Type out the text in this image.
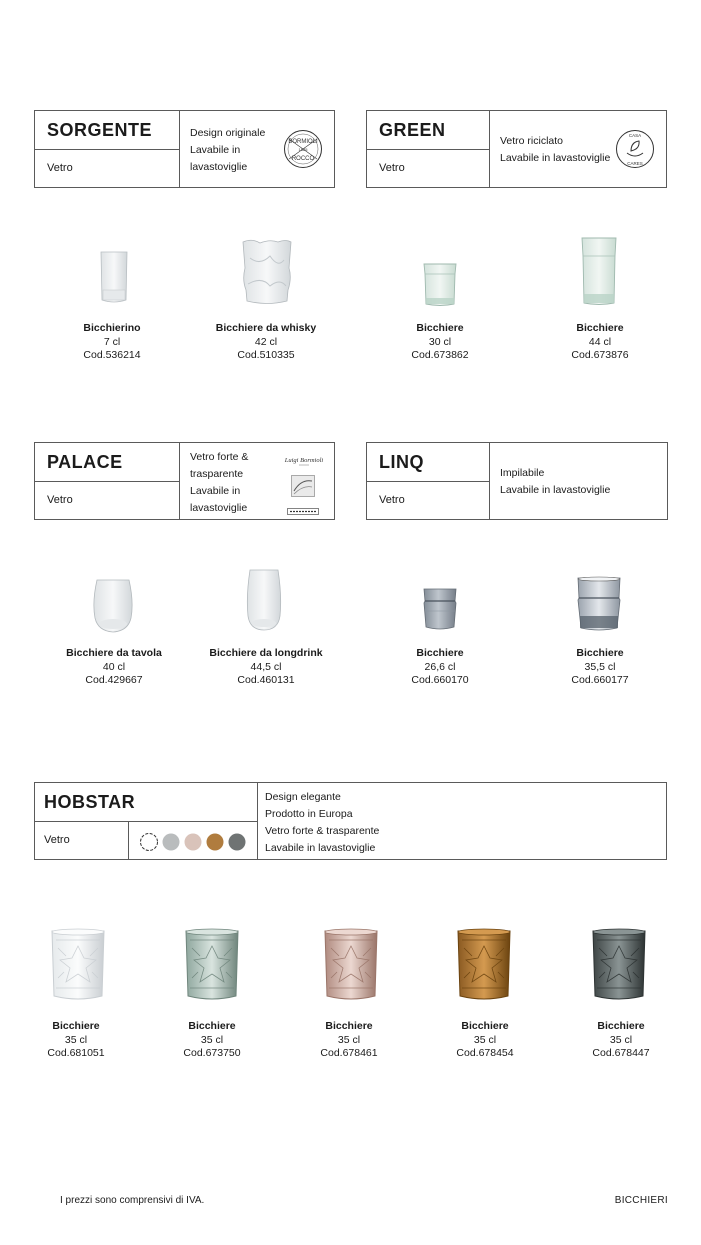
SORGENTE
Vetro
Design originale
Lavabile in
lavastoviglie
BORMIOLI
1825
ROCCO
GREEN
Vetro
Vetro riciclato
Lavabile in lavastoviglie
CASA
CARES
Bicchierino
7 cl
Cod.536214
Bicchiere da whisky
42 cl
Cod.510335
Bicchiere
30 cl
Cod.673862
Bicchiere
44 cl
Cod.673876
PALACE
Vetro
Vetro forte &
trasparente
Lavabile in
lavastoviglie
Luigi Bormioli	LINQ
Vetro
Impilabile
Lavabile in lavastoviglie
Bicchiere da tavola
40 cl
Cod.429667
Bicchiere da longdrink
44,5 cl
Cod.460131
Bicchiere
26,6 cl
Cod.660170
Bicchiere
35,5 cl
Cod.660177
HOBSTAR
Vetro
Design elegante
Prodotto in Europa
Vetro forte & trasparente
Lavabile in lavastoviglie
Bicchiere
35 cl
Cod.681051
Bicchiere
35 cl
Cod.673750
Bicchiere
35 cl
Cod.678461
Bicchiere
35 cl
Cod.678454
Bicchiere
35 cl
Cod.678447
I prezzi sono comprensivi di IVA.	BICCHIERI
